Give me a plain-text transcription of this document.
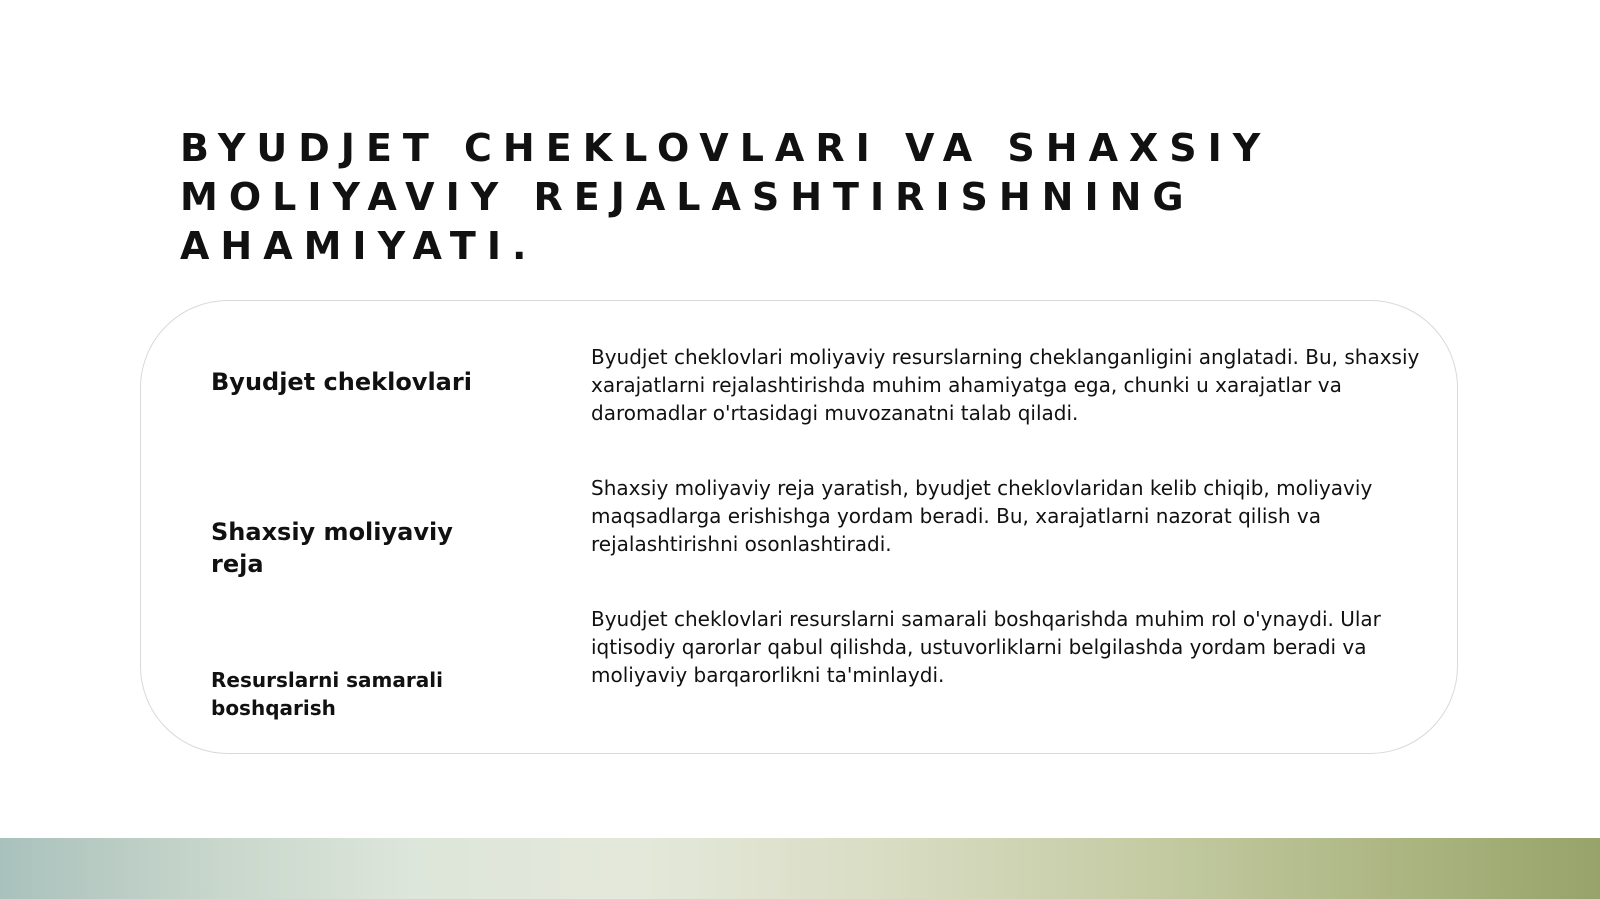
BYUDJET CHEKLOVLARI VA SHAXSIY MOLIYAVIY REJALASHTIRISHNING AHAMIYATI.
Byudjet cheklovlari

Byudjet cheklovlari moliyaviy resurslarning cheklanganligini anglatadi. Bu, shaxsiy xarajatlarni rejalashtirishda muhim ahamiyatga ega, chunki u xarajatlar va daromadlar o'rtasidagi muvozanatni talab qiladi.

Shaxsiy moliyaviy reja

Shaxsiy moliyaviy reja yaratish, byudjet cheklovlaridan kelib chiqib, moliyaviy maqsadlarga erishishga yordam beradi. Bu, xarajatlarni nazorat qilish va rejalashtirishni osonlashtiradi.

Resurslarni samarali boshqarish

Byudjet cheklovlari resurslarni samarali boshqarishda muhim rol o'ynaydi. Ular iqtisodiy qarorlar qabul qilishda, ustuvorliklarni belgilashda yordam beradi va moliyaviy barqarorlikni ta'minlaydi.
